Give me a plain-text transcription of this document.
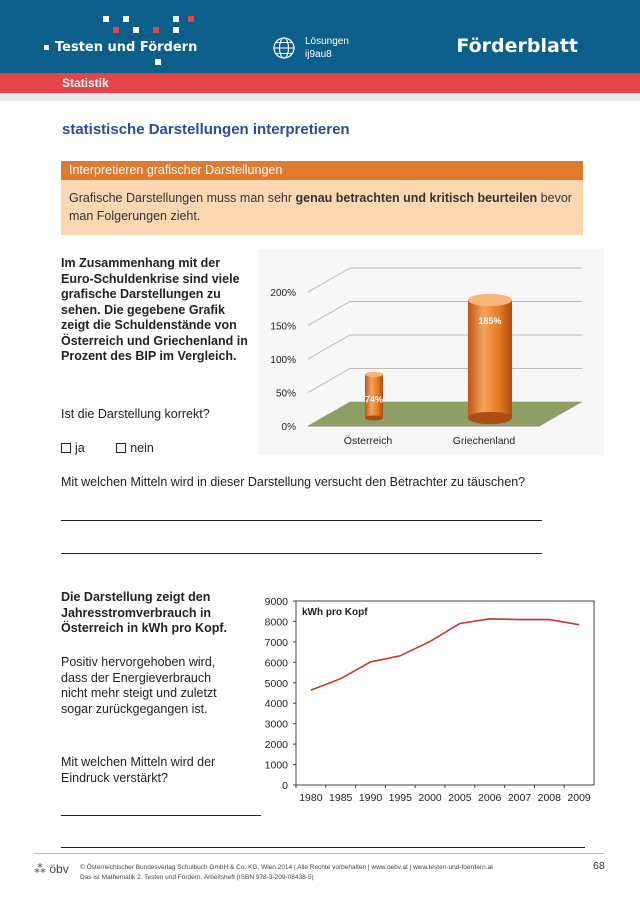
Testen und Fördern	Lösungen
ij9au8	Förderblatt
Statistik
statistische Darstellungen interpretieren
Interpretieren grafischer Darstellungen
Grafische Darstellungen muss man sehr genau betrachten und kritisch beurteilen bevor man Folgerungen zieht.
Im Zusammenhang mit der Euro-Schuldenkrise sind viele grafische Darstellungen zu sehen. Die gegebene Grafik zeigt die Schuldenstände von Österreich und Griechenland in Prozent des BIP im Vergleich.
Ist die Darstellung korrekt?
ja	nein
0%
50%
100%
150%
200%
74%
Österreich
185%
Griechenland
Mit welchen Mitteln wird in dieser Darstellung versucht den Betrachter zu täuschen?
Die Darstellung zeigt den Jahresstromverbrauch in Österreich in kWh pro Kopf.
Positiv hervorgehoben wird, dass der Energieverbrauch nicht mehr steigt und zuletzt sogar zurückgegangen ist.
Mit welchen Mitteln wird der Eindruck verstärkt?
0
1000
2000
3000
4000
5000
6000
7000
8000
9000
1980 1985 1990 1995 2000 2005 2006 2007 2008 2009
kWh pro Kopf
⁂ öbv © Österreichischer Bundesverlag Schulbuch GmbH & Co. KG, Wien 2014 | Alle Rechte vorbehalten | www.oebv.at | www.testen-und-foerdern.at
Das ist Mathematik 2. Testen und Fördern. Arbeitsheft (ISBN 978-3-209-08438-5)
68
